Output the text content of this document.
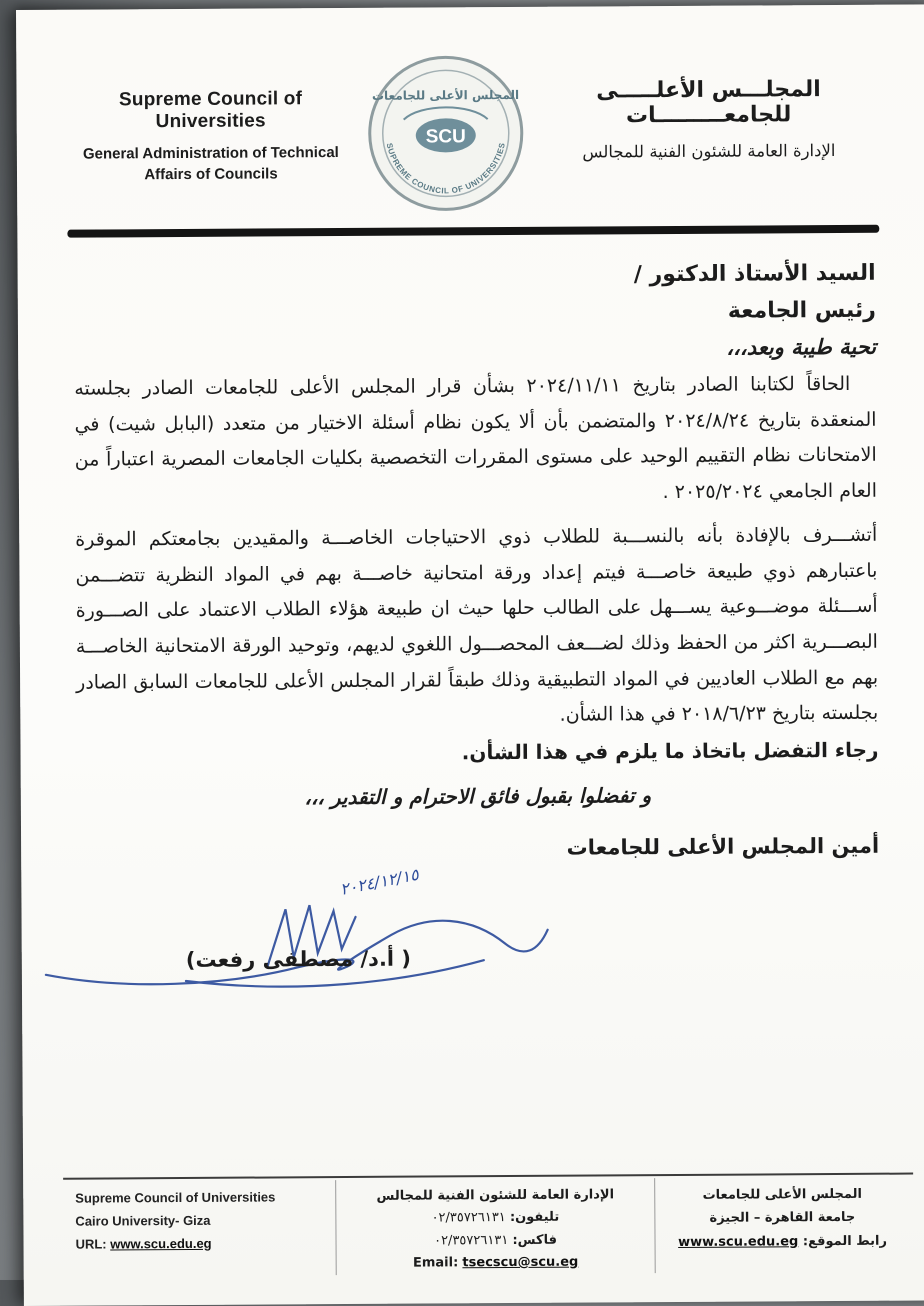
Supreme Council of Universities
General Administration of Technical Affairs of Councils
المجلس الأعلى للجامعات
SCU
SUPREME COUNCIL OF UNIVERSITIES
المجلـــس الأعلـــــى للجامعـــــــــات
الإدارة العامة للشئون الفنية للمجالس
السيد الأستاذ الدكتور /
رئيس الجامعة
تحية طيبة وبعد،،،
الحاقاً لكتابنا الصادر بتاريخ ٢٠٢٤/١١/١١ بشأن قرار المجلس الأعلى للجامعات الصادر بجلسته المنعقدة بتاريخ ٢٠٢٤/٨/٢٤ والمتضمن بأن ألا يكون نظام أسئلة الاختيار من متعدد (البابل شيت) في الامتحانات نظام التقييم الوحيد على مستوى المقررات التخصصية بكليات الجامعات المصرية اعتباراً من العام الجامعي ٢٠٢٥/٢٠٢٤ .
أتشـــرف بالإفادة بأنه بالنســـبة للطلاب ذوي الاحتياجات الخاصـــة والمقيدين بجامعتكم الموقرة باعتبارهم ذوي طبيعة خاصـــة فيتم إعداد ورقة امتحانية خاصـــة بهم في المواد النظرية تتضـــمن أســـئلة موضـــوعية يســـهل على الطالب حلها حيث ان طبيعة هؤلاء الطلاب الاعتماد على الصـــورة البصـــرية اكثر من الحفظ وذلك لضـــعف المحصـــول اللغوي لديهم، وتوحيد الورقة الامتحانية الخاصـــة بهم مع الطلاب العاديين في المواد التطبيقية وذلك طبقاً لقرار المجلس الأعلى للجامعات السابق الصادر بجلسته بتاريخ ٢٠١٨/٦/٢٣ في هذا الشأن.
رجاء التفضل باتخاذ ما يلزم في هذا الشأن.
و تفضلوا بقبول فائق الاحترام و التقدير ،،،
أمين المجلس الأعلى للجامعات
٢٠٢٤/١٢/١٥
( أ.د/ مصطفى رفعت)
Supreme Council of Universities
Cairo University- Giza
URL: www.scu.edu.eg
الإدارة العامة للشئون الفنية للمجالس
تليفون: ٠٢/٣٥٧٢٦١٣١
فاكس: ٠٢/٣٥٧٢٦١٣١
Email: tsecscu@scu.eg
المجلس الأعلى للجامعات
جامعة القاهرة – الجيزة
رابط الموقع: www.scu.edu.eg
